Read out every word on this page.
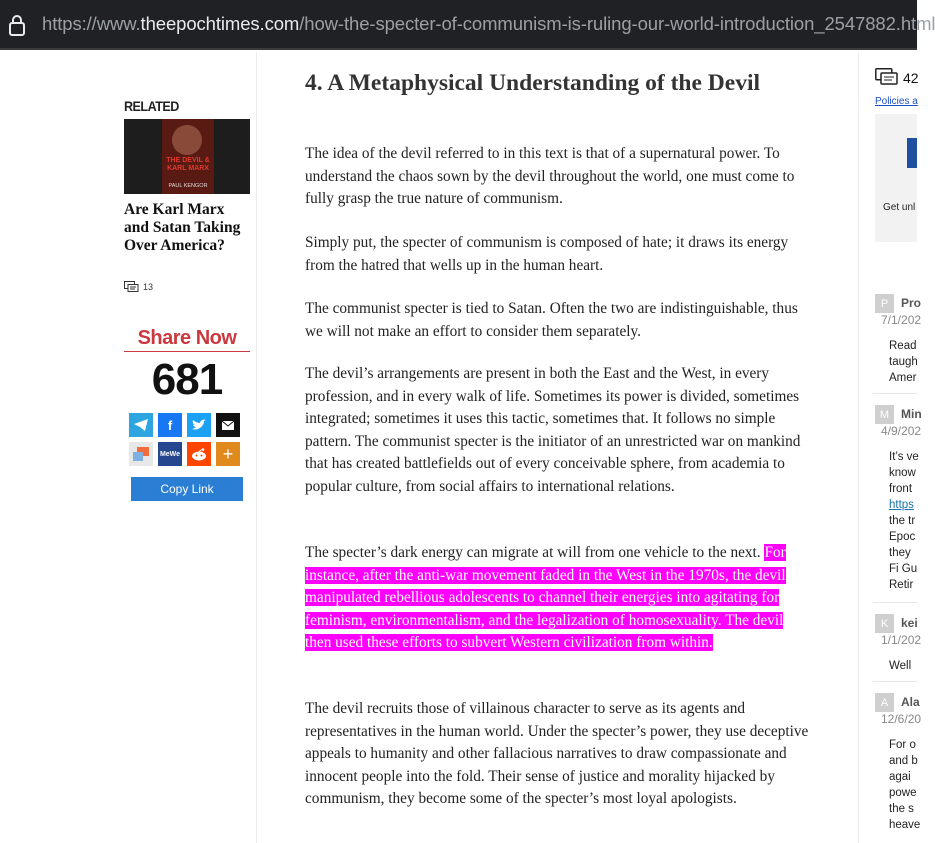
https://www.theepochtimes.com/how-the-specter-of-communism-is-ruling-our-world-introduction_2547882.html
RELATED
THE DEVIL & KARL MARX
PAUL KENGOR
Are Karl Marx and Satan Taking Over America?
13
Share Now
681
f
MeWe +
Copy Link
4. A Metaphysical Understanding of the Devil

The idea of the devil referred to in this text is that of a supernatural power. To understand the chaos sown by the devil throughout the world, one must come to fully grasp the true nature of communism.

Simply put, the specter of communism is composed of hate; it draws its energy from the hatred that wells up in the human heart.

The communist specter is tied to Satan. Often the two are indistinguishable, thus we will not make an effort to consider them separately.

The devil’s arrangements are present in both the East and the West, in every profession, and in every walk of life. Sometimes its power is divided, sometimes integrated; sometimes it uses this tactic, sometimes that. It follows no simple pattern. The communist specter is the initiator of an unrestricted war on mankind that has created battlefields out of every conceivable sphere, from academia to popular culture, from social affairs to international relations.

The specter’s dark energy can migrate at will from one vehicle to the next. For instance, after the anti-war movement faded in the West in the 1970s, the devil manipulated rebellious adolescents to channel their energies into agitating for feminism, environmentalism, and the legalization of homosexuality. The devil then used these efforts to subvert Western civilization from within.

The devil recruits those of villainous character to serve as its agents and representatives in the human world. Under the specter’s power, they use deceptive appeals to humanity and other fallacious narratives to draw compassionate and innocent people into the fold. Their sense of justice and morality hijacked by communism, they become some of the specter’s most loyal apologists.

42
Policies a
Get unl
P	Pro
7/1/202
Read
taugh
Amer
M Min
4/9/202
It’s ve
know
front
https
the tr
Epoc
they
Fi Gu
Retir
K	kei
1/1/202
Well
A	Ala
12/6/20
For o
and b
agai
powe
the s
heave
